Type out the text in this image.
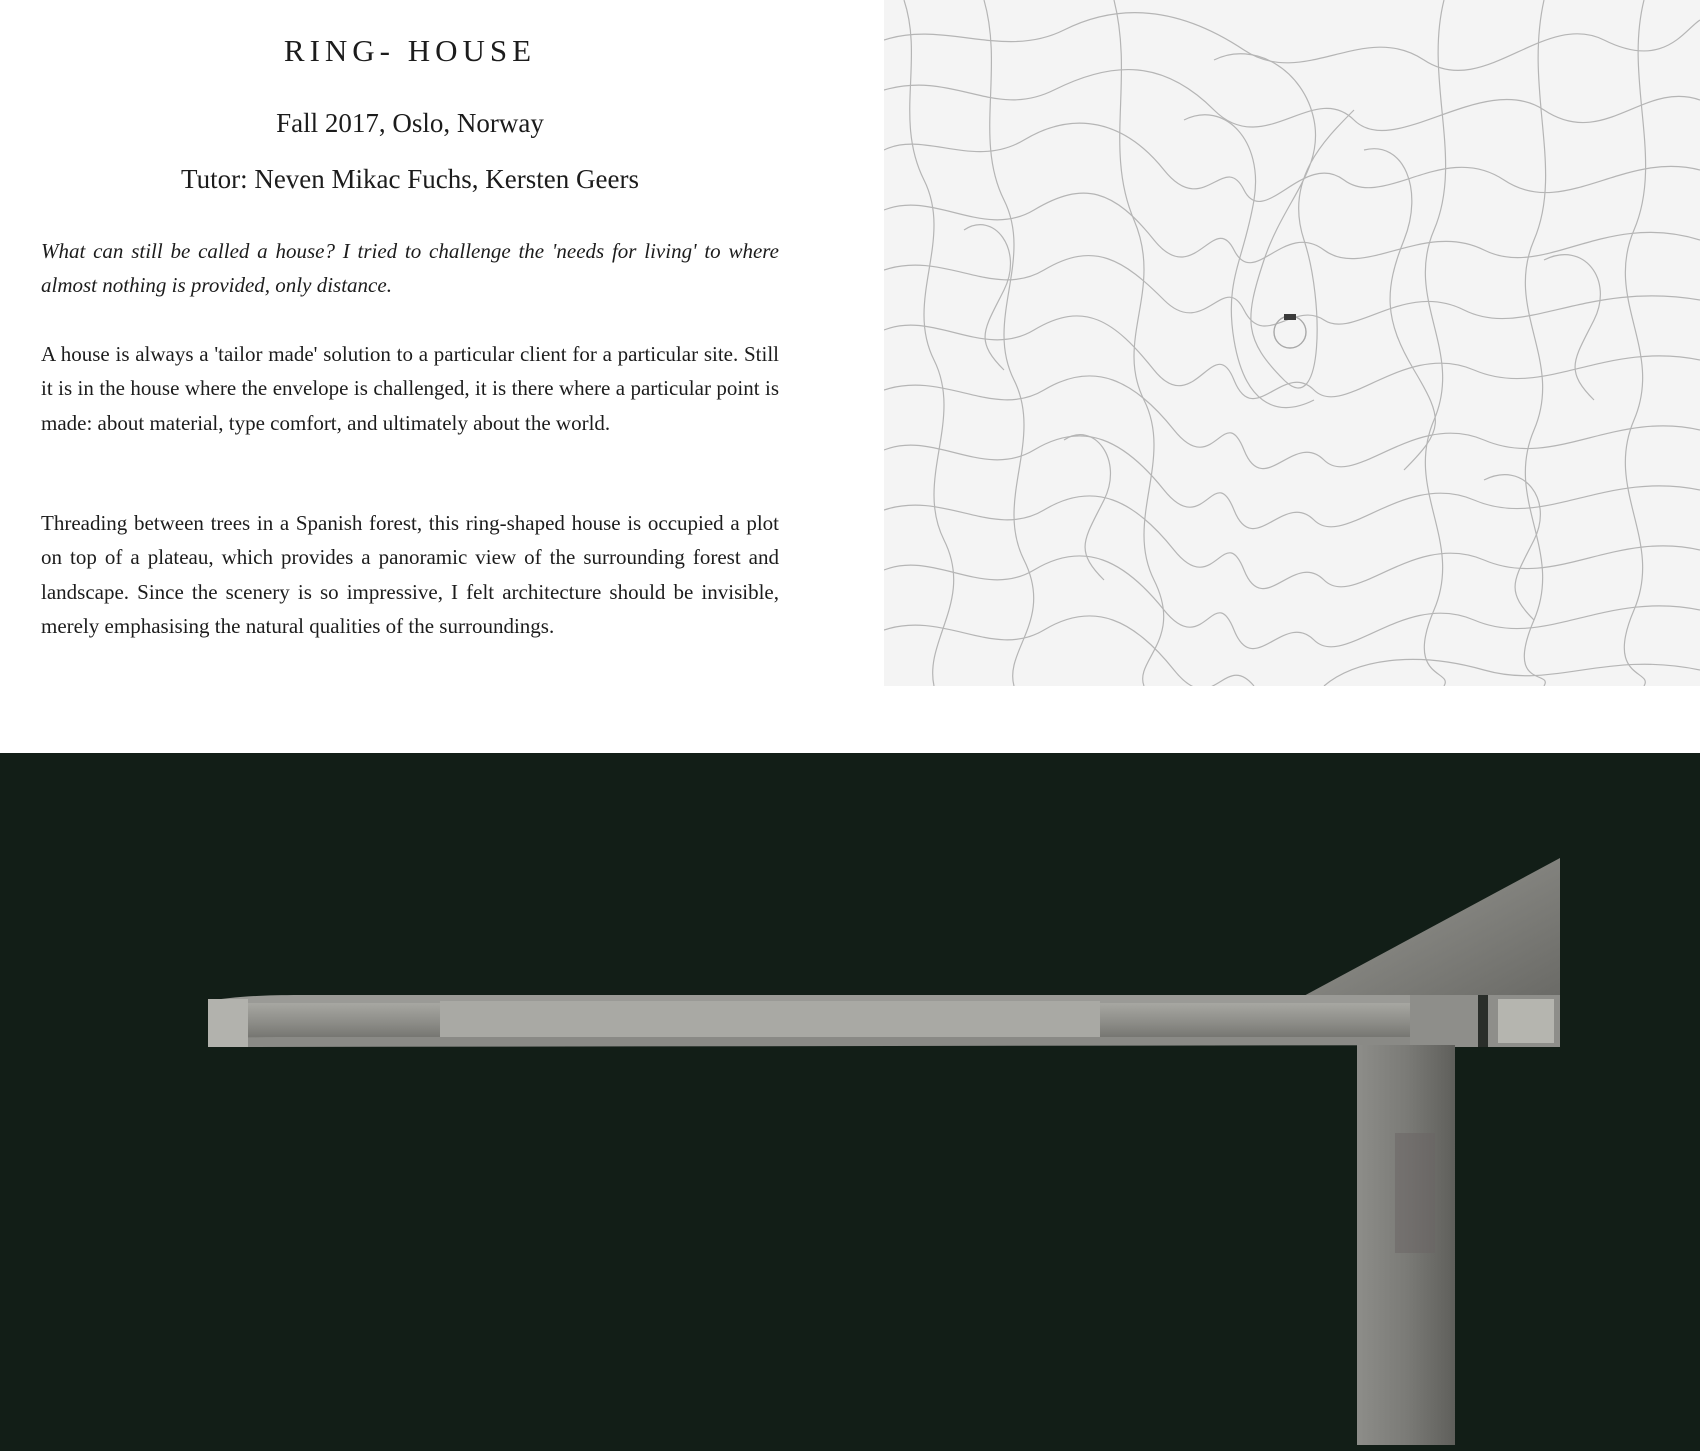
RING- HOUSE

Fall 2017, Oslo, Norway

Tutor: Neven Mikac Fuchs, Kersten Geers

What can still be called a house? I tried to challenge the 'needs for living' to where almost nothing is provided, only distance.

A house is always a 'tailor made' solution to a particular client for a particular site. Still it is in the house where the envelope is challenged, it is there where a particular point is made: about material, type comfort, and ultimately about the world.

Threading between trees in a Spanish forest, this ring-shaped house is occupied a plot on top of a plateau, which provides a panoramic view of the surrounding forest and landscape. Since the scenery is so impressive, I felt architecture should be invisible, merely emphasising the natural qualities of the surroundings.
